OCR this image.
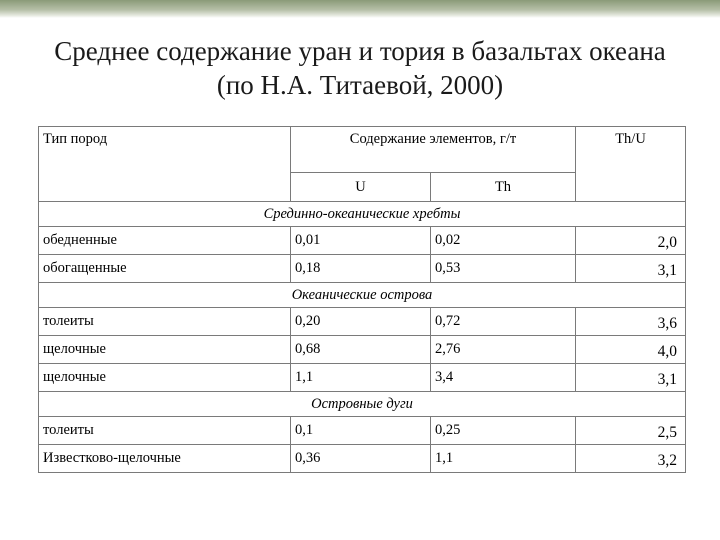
Среднее содержание уран и тория в базальтах океана
(по Н.А. Титаевой, 2000)
Тип пород	Содержание элементов, г/т		Th/U
	U	Th	
Срединно-океанические хребты			
обедненные	0,01	0,02	2,0
обогащенные	0,18	0,53	3,1
Океанические острова			
толеиты	0,20	0,72	3,6
щелочные	0,68	2,76	4,0
щелочные	1,1	3,4	3,1
Островные дуги			
толеиты	0,1	0,25	2,5
Известково-щелочные	0,36	1,1	3,2
